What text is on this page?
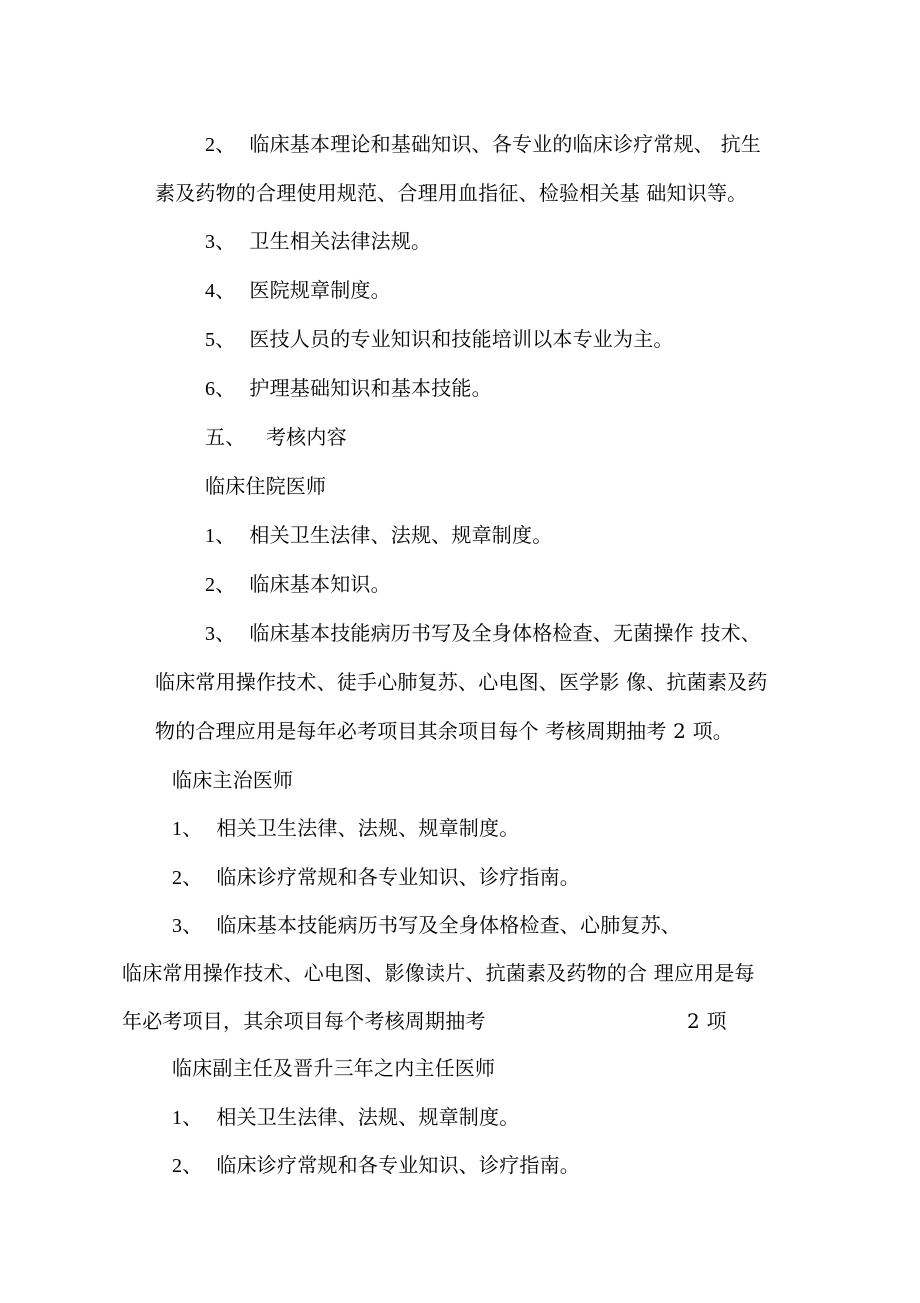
2、 临床基本理论和基础知识、各专业的临床诊疗常规、 抗生
素及药物的合理使用规范、合理用血指征、检验相关基 础知识等。
3、 卫生相关法律法规。
4、 医院规章制度。
5、 医技人员的专业知识和技能培训以本专业为主。
6、 护理基础知识和基本技能。
五、 考核内容
临床住院医师
1、 相关卫生法律、法规、规章制度。
2、 临床基本知识。
3、 临床基本技能病历书写及全身体格检查、无菌操作 技术、
临床常用操作技术、徒手心肺复苏、心电图、医学影 像、抗菌素及药
物的合理应用是每年必考项目其余项目每个 考核周期抽考 2 项。
临床主治医师
1、 相关卫生法律、法规、规章制度。
2、 临床诊疗常规和各专业知识、诊疗指南。
3、 临床基本技能病历书写及全身体格检查、心肺复苏、
临床常用操作技术、心电图、影像读片、抗菌素及药物的合 理应用是每
年必考项目，其余项目每个考核周期抽考	2 项
临床副主任及晋升三年之内主任医师
1、 相关卫生法律、法规、规章制度。
2、 临床诊疗常规和各专业知识、诊疗指南。
